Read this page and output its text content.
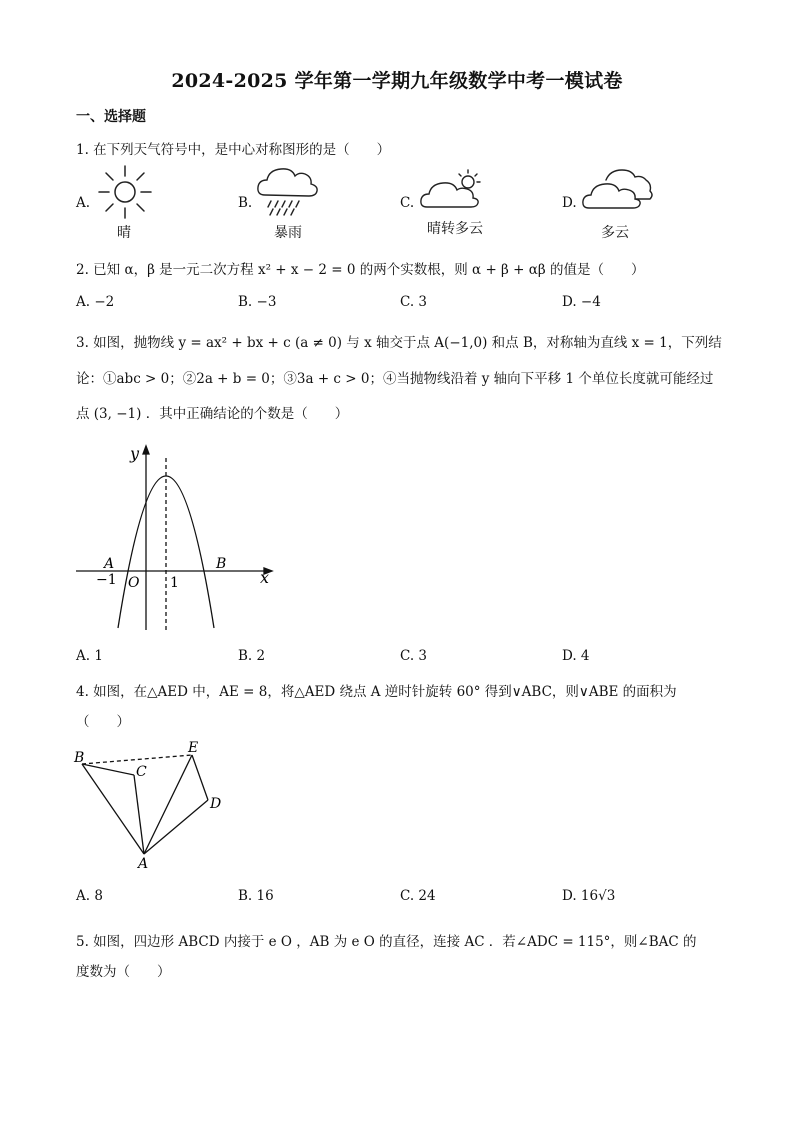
2024-2025 学年第一学期九年级数学中考一模试卷
一、选择题
1. 在下列天气符号中，是中心对称图形的是（　　）
A.
晴
B.
暴雨
C.
晴转多云
D.
多云
2. 已知 α，β 是一元二次方程 x² + x − 2 = 0 的两个实数根，则 α + β + αβ 的值是（　　）
A. −2	B. −3	C. 3	D. −4
3. 如图，抛物线 y = ax² + bx + c (a ≠ 0) 与 x 轴交于点 A(−1,0) 和点 B，对称轴为直线 x = 1，下列结
论：①abc > 0；②2a + b = 0；③3a + c > 0；④当抛物线沿着 y 轴向下平移 1 个单位长度就可能经过
点 (3, −1) ．其中正确结论的个数是（　　）
y
x
A	B
O
−1	1
A. 1	B. 2	C. 3	D. 4
4. 如图，在△AED 中，AE = 8，将△AED 绕点 A 逆时针旋转 60° 得到∨ABC，则∨ABE 的面积为
（　　）
B
C
E
D
A
A. 8	B. 16	C. 24	D. 16√3
5. 如图，四边形 ABCD 内接于 e O ，AB 为 e O 的直径，连接 AC ．若∠ADC = 115°，则∠BAC 的
度数为（　　）
